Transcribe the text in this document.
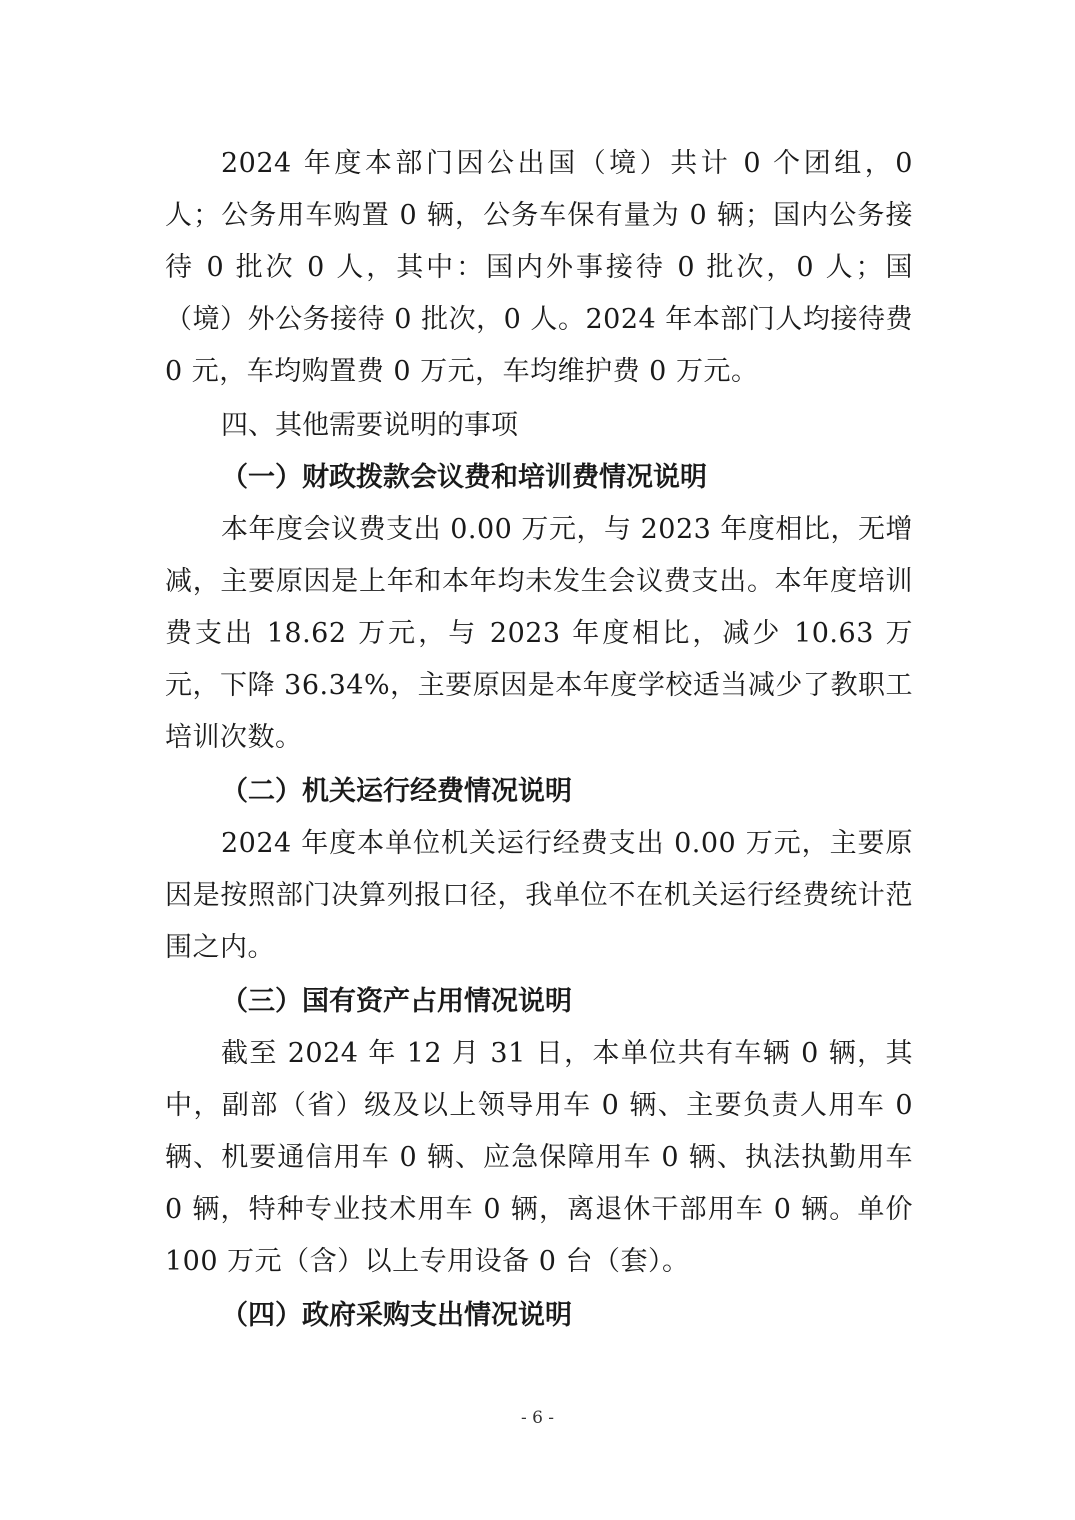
2024 年度本部门因公出国（境）共计 0 个团组，0 人；公务用车购置 0 辆，公务车保有量为 0 辆；国内公务接待 0 批次 0 人，其中：国内外事接待 0 批次，0 人；国（境）外公务接待 0 批次，0 人。2024 年本部门人均接待费 0 元，车均购置费 0 万元，车均维护费 0 万元。

四、其他需要说明的事项

（一）财政拨款会议费和培训费情况说明

本年度会议费支出 0.00 万元，与 2023 年度相比，无增减，主要原因是上年和本年均未发生会议费支出。本年度培训费支出 18.62 万元，与 2023 年度相比，减少 10.63 万元，下降 36.34%，主要原因是本年度学校适当减少了教职工培训次数。

（二）机关运行经费情况说明

2024 年度本单位机关运行经费支出 0.00 万元，主要原因是按照部门决算列报口径，我单位不在机关运行经费统计范围之内。

（三）国有资产占用情况说明

截至 2024 年 12 月 31 日，本单位共有车辆 0 辆，其中，副部（省）级及以上领导用车 0 辆、主要负责人用车 0 辆、机要通信用车 0 辆、应急保障用车 0 辆、执法执勤用车 0 辆，特种专业技术用车 0 辆，离退休干部用车 0 辆。单价 100 万元（含）以上专用设备 0 台（套）。

（四）政府采购支出情况说明

- 6 -
